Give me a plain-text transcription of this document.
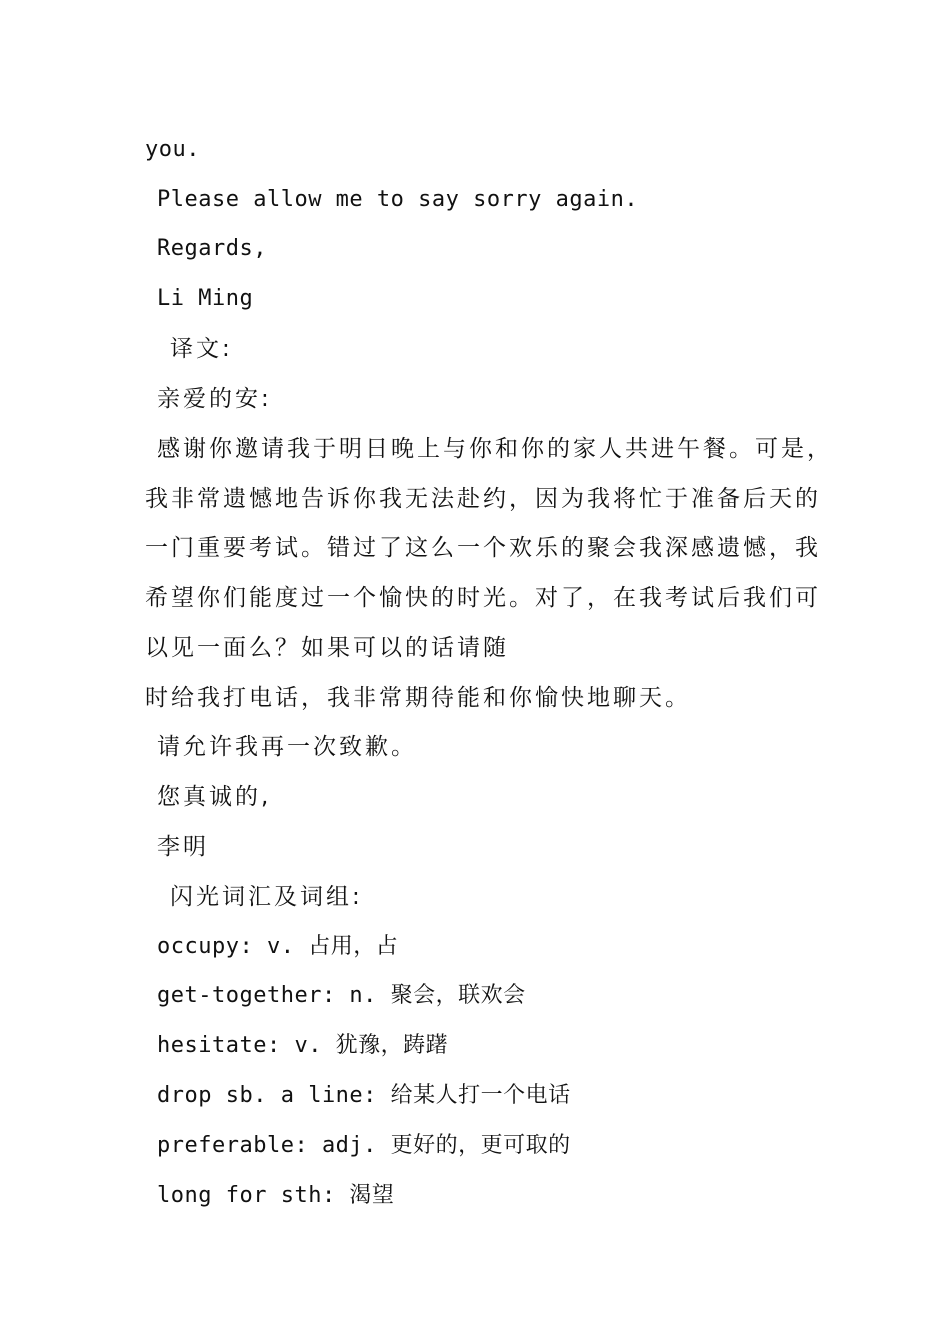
you.
Please allow me to say sorry again.
Regards,
Li Ming
译文:
亲爱的安:
感谢你邀请我于明日晚上与你和你的家人共进午餐。可是，
我非常遗憾地告诉你我无法赴约，因为我将忙于准备后天的
一门重要考试。错过了这么一个欢乐的聚会我深感遗憾，我
希望你们能度过一个愉快的时光。对了，在我考试后我们可
以见一面么？如果可以的话请随
时给我打电话，我非常期待能和你愉快地聊天。
请允许我再一次致歉。
您真诚的,
李明
闪光词汇及词组:
occupy: v. 占用，占
get-together: n. 聚会，联欢会
hesitate: v. 犹豫，踌躇
drop sb. a line: 给某人打一个电话
preferable: adj. 更好的，更可取的
long for sth: 渴望
